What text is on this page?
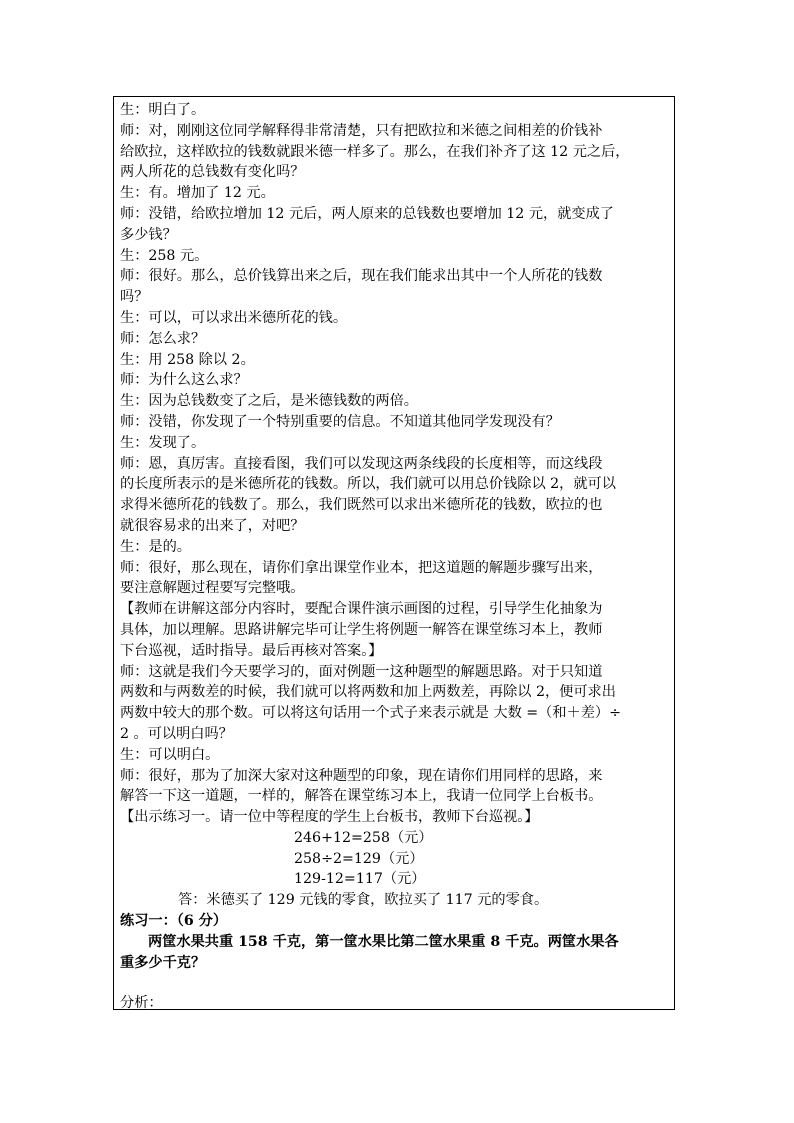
生：明白了。
师：对，刚刚这位同学解释得非常清楚，只有把欧拉和米德之间相差的价钱补
给欧拉，这样欧拉的钱数就跟米德一样多了。那么，在我们补齐了这 12 元之后，
两人所花的总钱数有变化吗？
生：有。增加了 12 元。
师：没错，给欧拉增加 12 元后，两人原来的总钱数也要增加 12 元，就变成了
多少钱？
生：258 元。
师：很好。那么，总价钱算出来之后，现在我们能求出其中一个人所花的钱数
吗？
生：可以，可以求出米德所花的钱。
师：怎么求？
生：用 258 除以 2。
师：为什么这么求？
生：因为总钱数变了之后，是米德钱数的两倍。
师：没错，你发现了一个特别重要的信息。不知道其他同学发现没有？
生：发现了。
师：恩，真厉害。直接看图，我们可以发现这两条线段的长度相等，而这线段
的长度所表示的是米德所花的钱数。所以，我们就可以用总价钱除以 2，就可以
求得米德所花的钱数了。那么，我们既然可以求出米德所花的钱数，欧拉的也
就很容易求的出来了，对吧？
生：是的。
师：很好，那么现在，请你们拿出课堂作业本，把这道题的解题步骤写出来，
要注意解题过程要写完整哦。
【教师在讲解这部分内容时，要配合课件演示画图的过程，引导学生化抽象为
具体，加以理解。思路讲解完毕可让学生将例题一解答在课堂练习本上，教师
下台巡视，适时指导。最后再核对答案。】
师：这就是我们今天要学习的，面对例题一这种题型的解题思路。对于只知道
两数和与两数差的时候，我们就可以将两数和加上两数差，再除以 2，便可求出
两数中较大的那个数。可以将这句话用一个式子来表示就是 大数 =（和＋差）÷
2 。可以明白吗？
生：可以明白。
师：很好，那为了加深大家对这种题型的印象，现在请你们用同样的思路，来
解答一下这一道题，一样的，解答在课堂练习本上，我请一位同学上台板书。
【出示练习一。请一位中等程度的学生上台板书，教师下台巡视。】
246+12=258（元）
258÷2=129（元）
129-12=117（元）
答：米德买了 129 元钱的零食，欧拉买了 117 元的零食。
练习一：（6 分）
两筐水果共重 158 千克，第一筐水果比第二筐水果重 8 千克。两筐水果各
重多少千克？
分析：
